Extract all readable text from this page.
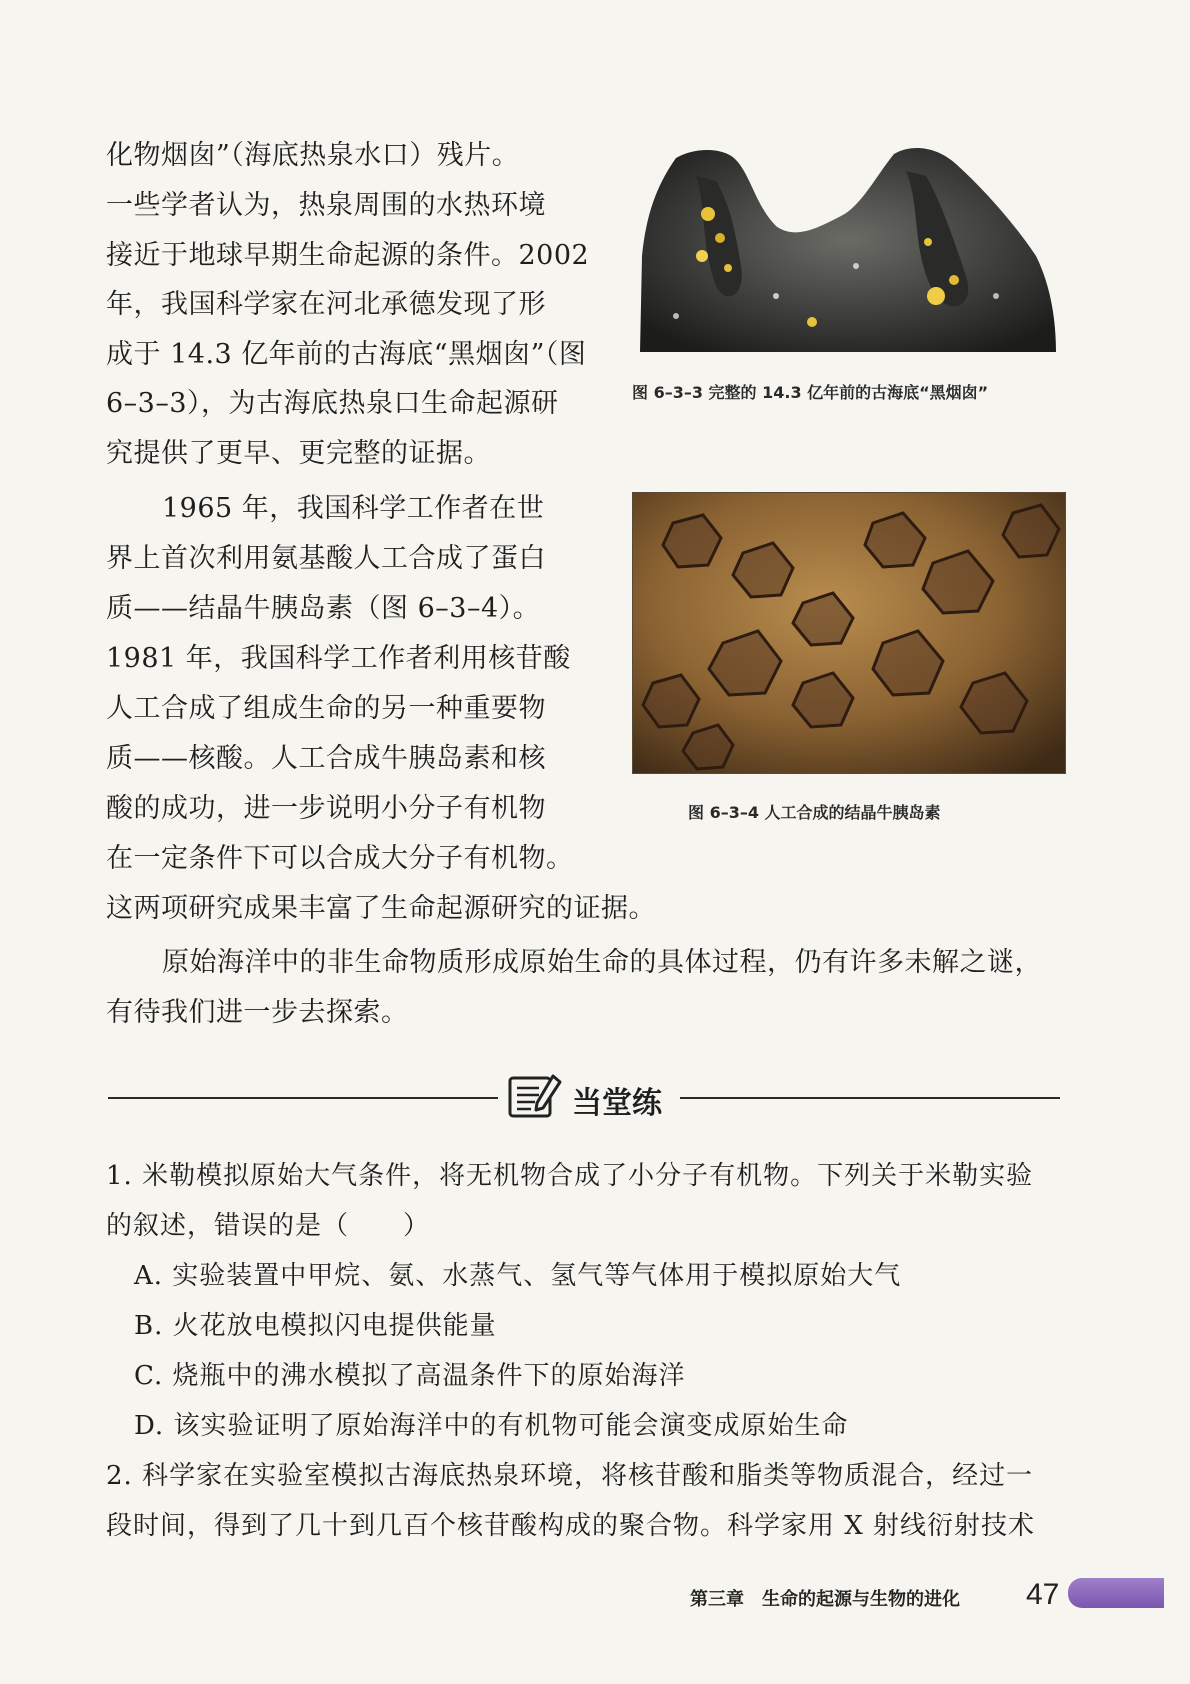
化物烟囱”（海底热泉水口）残片。
一些学者认为，热泉周围的水热环境
接近于地球早期生命起源的条件。2002
年，我国科学家在河北承德发现了形
成于 14.3 亿年前的古海底“黑烟囱”（图
6–3–3），为古海底热泉口生命起源研
究提供了更早、更完整的证据。
1965 年，我国科学工作者在世
界上首次利用氨基酸人工合成了蛋白
质——结晶牛胰岛素（图 6–3–4）。
1981 年，我国科学工作者利用核苷酸
人工合成了组成生命的另一种重要物
质——核酸。人工合成牛胰岛素和核
酸的成功，进一步说明小分子有机物
在一定条件下可以合成大分子有机物。
这两项研究成果丰富了生命起源研究的证据。
原始海洋中的非生命物质形成原始生命的具体过程，仍有许多未解之谜，
有待我们进一步去探索。
图 6–3–3 完整的 14.3 亿年前的古海底“黑烟囱”
图 6–3–4 人工合成的结晶牛胰岛素
当堂练
1. 米勒模拟原始大气条件，将无机物合成了小分子有机物。下列关于米勒实验
的叙述，错误的是（　　）
A. 实验装置中甲烷、氨、水蒸气、氢气等气体用于模拟原始大气
B. 火花放电模拟闪电提供能量
C. 烧瓶中的沸水模拟了高温条件下的原始海洋
D. 该实验证明了原始海洋中的有机物可能会演变成原始生命
2. 科学家在实验室模拟古海底热泉环境，将核苷酸和脂类等物质混合，经过一
段时间，得到了几十到几百个核苷酸构成的聚合物。科学家用 X 射线衍射技术
第三章　生命的起源与生物的进化 47
